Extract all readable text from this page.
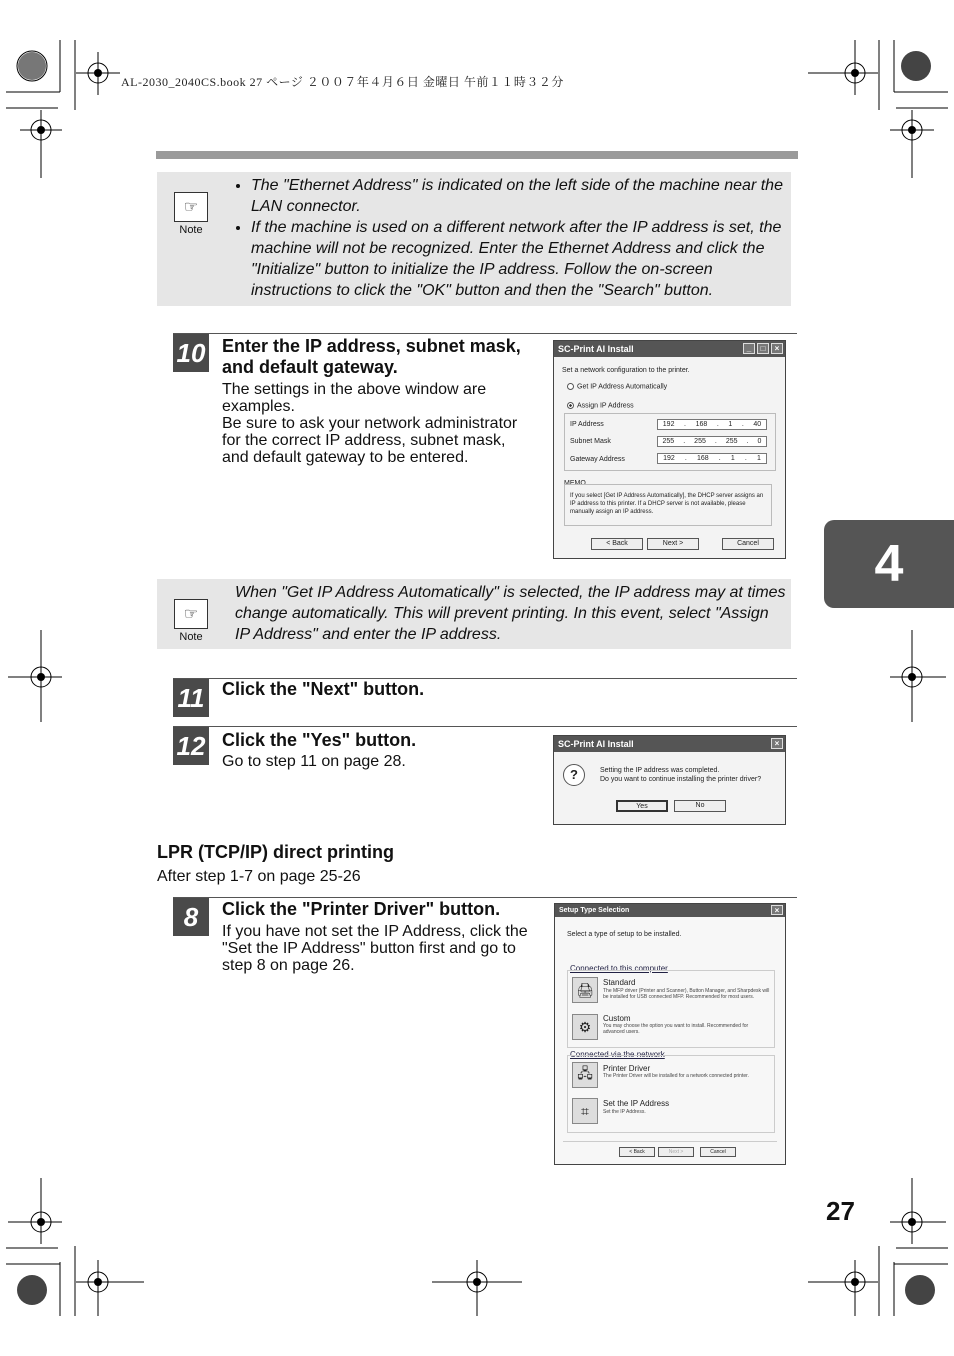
AL-2030_2040CS.book 27 ページ ２００７年４月６日 金曜日 午前１１時３２分
☞
Note
• The "Ethernet Address" is indicated on the left side of the machine near the LAN connector.
• If the machine is used on a different network after the IP address is set, the machine will not be recognized. Enter the Ethernet Address and click the "Initialize" button to initialize the IP address. Follow the on-screen instructions to click the "OK" button and then the "Search" button.
10 Enter the IP address, subnet mask, and default gateway.
The settings in the above window are examples.
Be sure to ask your network administrator for the correct IP address, subnet mask, and default gateway to be entered.
SC-Print AI Install	_	□	×
Set a network configuration to the printer.
Get IP Address Automatically
Assign IP Address
IP Address	192 . 168 . 1 . 40
Subnet Mask	255 . 255 . 255 . 0
Gateway Address	192 . 168 . 1 . 1
MEMO
If you select [Get IP Address Automatically], the DHCP server assigns an IP address to this printer. If a DHCP server is not available, please manually assign an IP address.
< Back	Next >	Cancel	4
☞
Note
When "Get IP Address Automatically" is selected, the IP address may at times change automatically. This will prevent printing. In this event, select "Assign IP Address" and enter the IP address.
11 Click the "Next" button.
12 Click the "Yes" button.
Go to step 11 on page 28.
SC-Print AI Install	×
?	Setting the IP address was completed.
Do you want to continue installing the printer driver?
Yes	No
LPR (TCP/IP) direct printing
After step 1-7 on page 25-26
8	Click the "Printer Driver" button.
If you have not set the IP Address, click the "Set the IP Address" button first and go to step 8 on page 26.
Setup Type Selection	×
Select a type of setup to be installed.
Connected to this computer
🖨	Standard
The MFP driver (Printer and Scanner), Button Manager, and Sharpdesk will be installed for USB connected MFP. Recommended for most users.
⚙	Custom
You may choose the option you want to install. Recommended for advanced users.
Connected via the network
🖧	Printer Driver
The Printer Driver will be installed for a network connected printer.
⌗	Set the IP Address
Set the IP Address.
< Back	Next >	Cancel
27
